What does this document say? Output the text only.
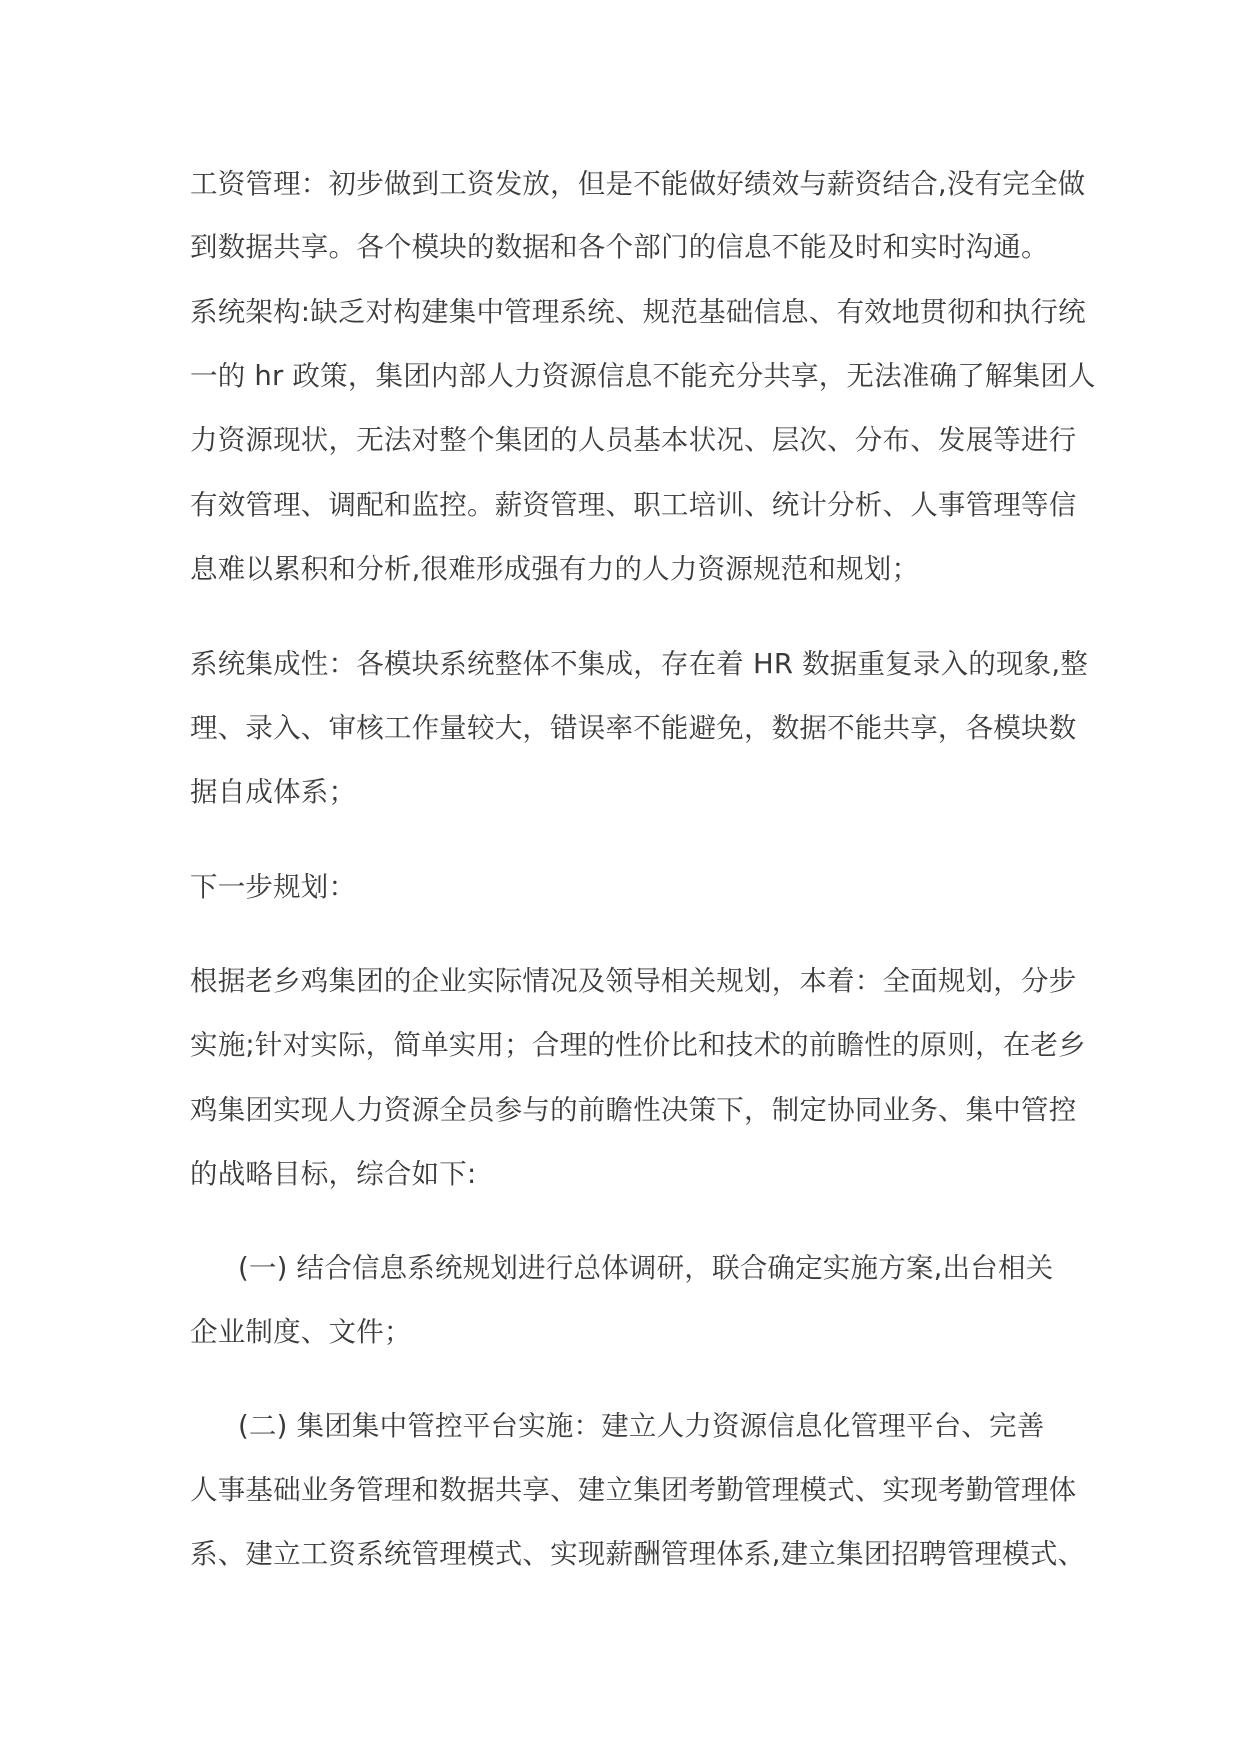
工资管理：初步做到工资发放，但是不能做好绩效与薪资结合,没有完全做
到数据共享。各个模块的数据和各个部门的信息不能及时和实时沟通。
系统架构:缺乏对构建集中管理系统、规范基础信息、有效地贯彻和执行统
一的 hr 政策，集团内部人力资源信息不能充分共享，无法准确了解集团人
力资源现状，无法对整个集团的人员基本状况、层次、分布、发展等进行
有效管理、调配和监控。薪资管理、职工培训、统计分析、人事管理等信
息难以累积和分析,很难形成强有力的人力资源规范和规划；
系统集成性：各模块系统整体不集成，存在着 HR 数据重复录入的现象,整
理、录入、审核工作量较大，错误率不能避免，数据不能共享，各模块数
据自成体系；
下一步规划：
根据老乡鸡集团的企业实际情况及领导相关规划，本着：全面规划，分步
实施;针对实际，简单实用；合理的性价比和技术的前瞻性的原则，在老乡
鸡集团实现人力资源全员参与的前瞻性决策下，制定协同业务、集中管控
的战略目标，综合如下:
(一) 结合信息系统规划进行总体调研，联合确定实施方案,出台相关
企业制度、文件；
(二) 集团集中管控平台实施：建立人力资源信息化管理平台、完善
人事基础业务管理和数据共享、建立集团考勤管理模式、实现考勤管理体
系、建立工资系统管理模式、实现薪酬管理体系,建立集团招聘管理模式、
